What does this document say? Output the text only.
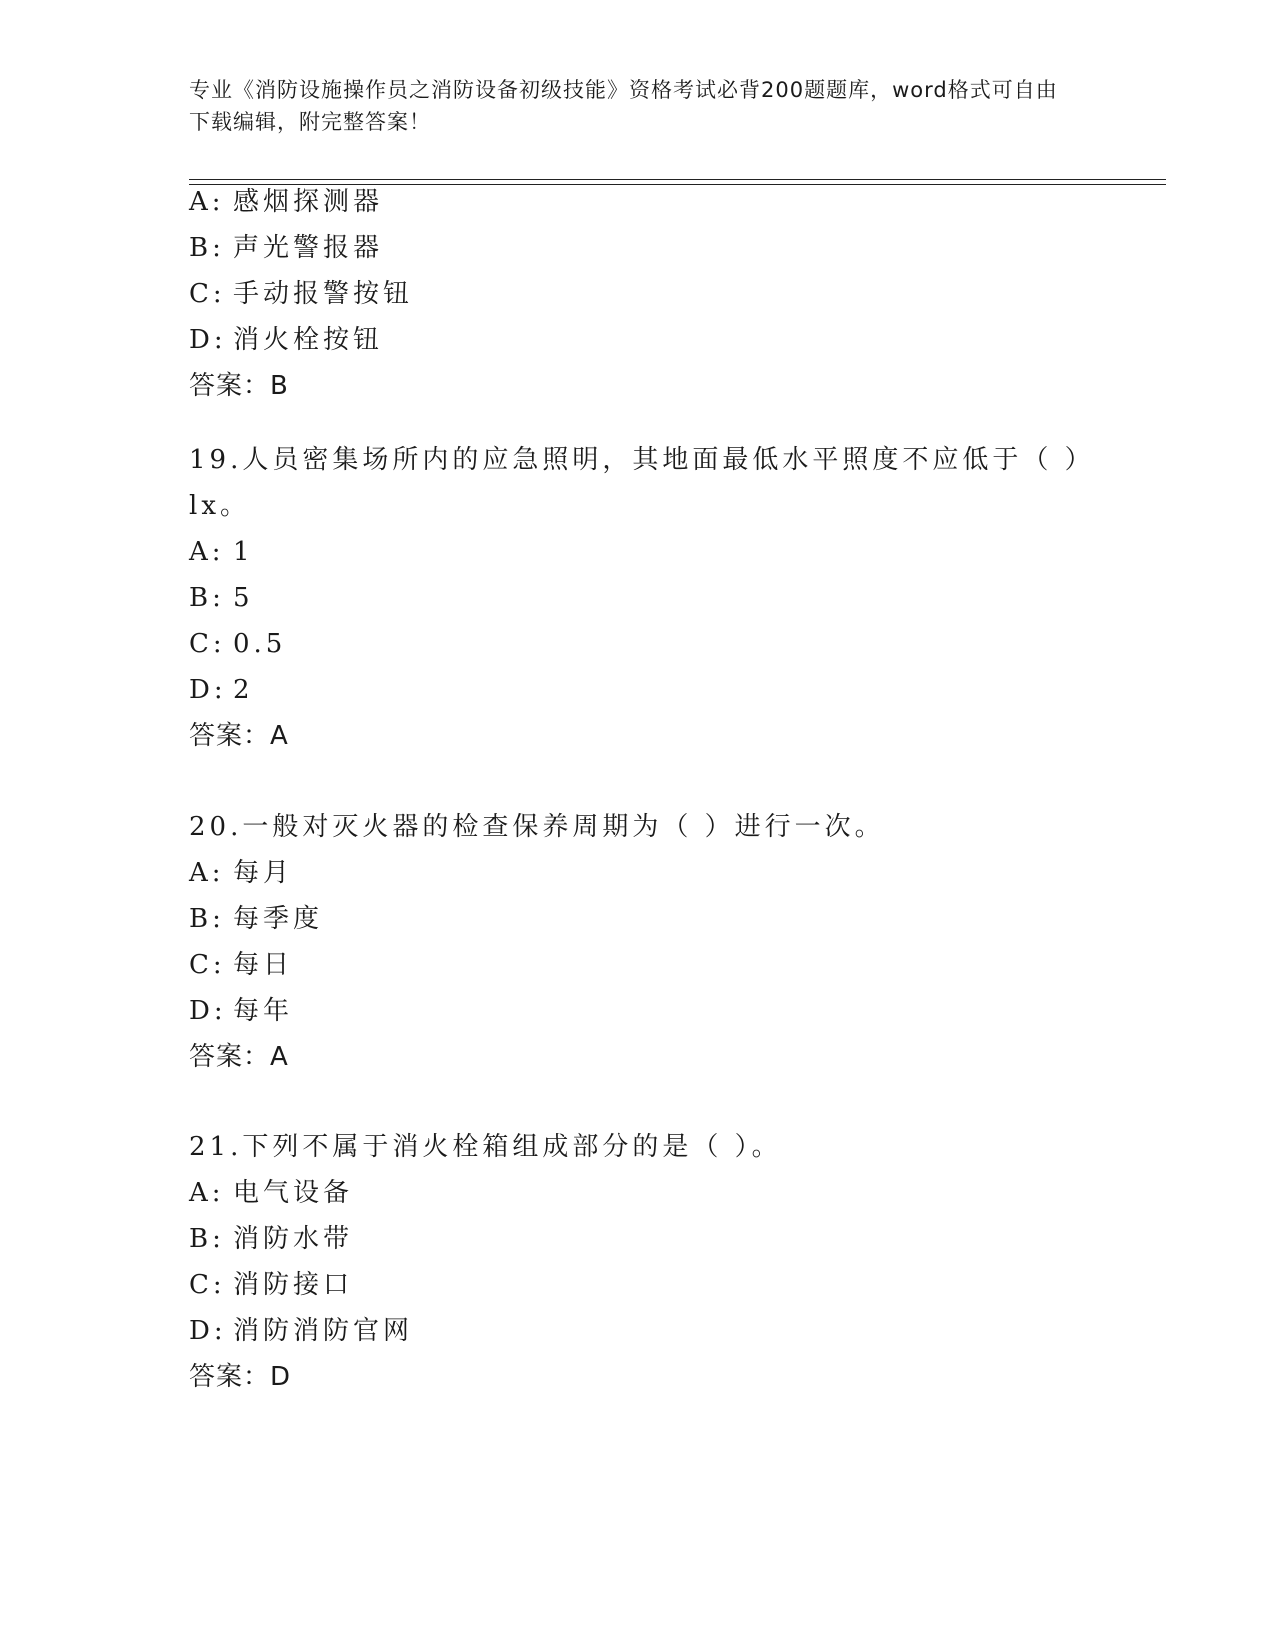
专业《消防设施操作员之消防设备初级技能》资格考试必背200题题库，word格式可自由下载编辑，附完整答案！
A: 感烟探测器
B: 声光警报器
C: 手动报警按钮
D: 消火栓按钮
答案：B
19.人员密集场所内的应急照明，其地面最低水平照度不应低于（ ）
lx。
A: 1
B: 5
C: 0.5
D: 2
答案：A
20.一般对灭火器的检查保养周期为（ ）进行一次。
A: 每月
B: 每季度
C: 每日
D: 每年
答案：A
21.下列不属于消火栓箱组成部分的是（ ）。
A: 电气设备
B: 消防水带
C: 消防接口
D: 消防消防官网
答案：D
